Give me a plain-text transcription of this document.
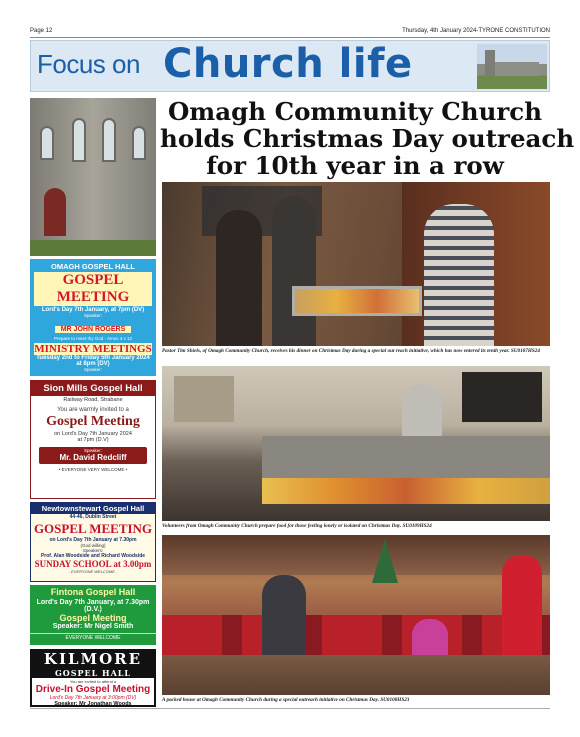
Page 12	Thursday, 4th January 2024-TYRONE CONSTITUTION
Focus on Church life
OMAGH GOSPEL HALL
GOSPEL MEETING
Lord's Day 7th January, at 7pm (DV)
Speaker:
MR JOHN ROGERS
Prepare to meet thy God - Amos 4 v 12
MINISTRY MEETINGS
Tuesday 2nd to Friday 5th January 2024
at 8pm (DV)
Speaker:
Sion Mills Gospel Hall
Railway Road, Strabane
You are warmly invited to a
Gospel Meeting
on Lord's Day 7th January 2024
at 7pm (D.V)
Speaker:
Mr. David Redcliff
• EVERYONE VERY WELCOME •
Newtownstewart Gospel Hall
44-46, Dublin Street
GOSPEL MEETING
on Lord's Day 7th January at 7.30pm
(God willing)
Speakers:
Prof. Alan Woodside and Richard Woodside
SUNDAY SCHOOL at 3.00pm
- EVERYONE WELCOME -
Fintona Gospel Hall
Lord's Day 7th January, at 7.30pm (D.V.)
Gospel Meeting
Speaker: Mr Nigel Smith
EVERYONE WELCOME
KILMORE
GOSPEL HALL
You are invited to attend a
Drive-In Gospel Meeting
Lord's Day 7th January at 3:00pm (DV)
Speaker: Mr Jonathan Woods
Omagh Community Church
holds Christmas Day outreach
for 10th year in a row
Pastor Tim Shiels, of Omagh Community Church, receives his dinner on Christmas Day during a special out reach initiative, which has now entered its tenth year. SU0107HS24
Volunteers from Omagh Community Church prepare food for those feeling lonely or isolated on Christmas Day. SU0109HS24
A packed house at Omagh Community Church during a special outreach initiative on Christmas Day. SU0108HS23
